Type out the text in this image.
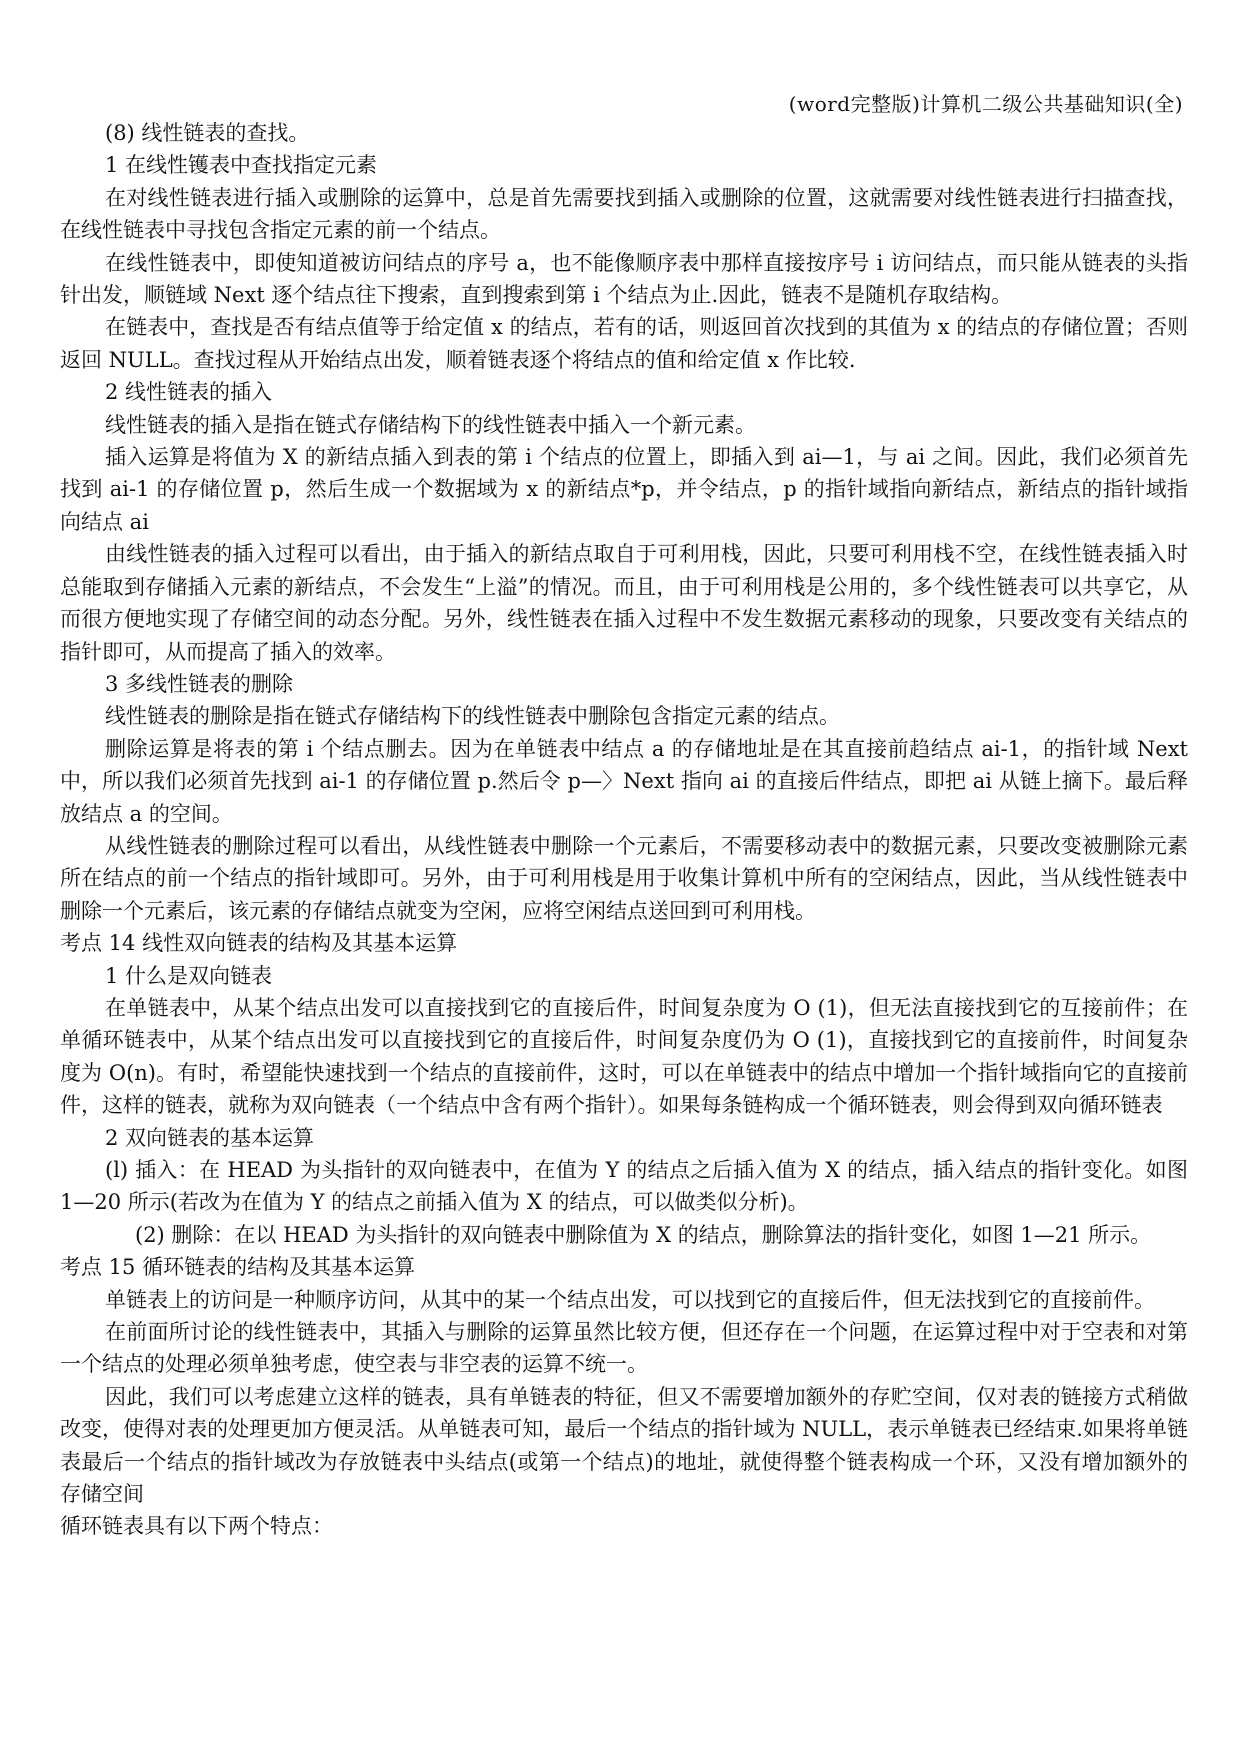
(word完整版)计算机二级公共基础知识(全)

(8) 线性链表的查找。

1 在线性镬表中查找指定元素

在对线性链表进行插入或删除的运算中，总是首先需要找到插入或删除的位置，这就需要对线性链表进行扫描查找，在线性链表中寻找包含指定元素的前一个结点。

在线性链表中，即使知道被访问结点的序号 a，也不能像顺序表中那样直接按序号 i 访问结点，而只能从链表的头指针出发，顺链域 Next 逐个结点往下搜索，直到搜索到第 i 个结点为止.因此，链表不是随机存取结构。

在链表中，查找是否有结点值等于给定值 x 的结点，若有的话，则返回首次找到的其值为 x 的结点的存储位置；否则返回 NULL。查找过程从开始结点出发，顺着链表逐个将结点的值和给定值 x 作比较.

2 线性链表的插入

线性链表的插入是指在链式存储结构下的线性链表中插入一个新元素。

插入运算是将值为 X 的新结点插入到表的第 i 个结点的位置上，即插入到 ai—1，与 ai 之间。因此，我们必须首先找到 ai-1 的存储位置 p，然后生成一个数据域为 x 的新结点*p，并令结点，p 的指针域指向新结点，新结点的指针域指向结点 ai

由线性链表的插入过程可以看出，由于插入的新结点取自于可利用栈，因此，只要可利用栈不空，在线性链表插入时总能取到存储插入元素的新结点，不会发生“上溢”的情况。而且，由于可利用栈是公用的，多个线性链表可以共享它，从而很方便地实现了存储空间的动态分配。另外，线性链表在插入过程中不发生数据元素移动的现象，只要改变有关结点的指针即可，从而提高了插入的效率。

3 多线性链表的删除

线性链表的删除是指在链式存储结构下的线性链表中删除包含指定元素的结点。

删除运算是将表的第 i 个结点删去。因为在单链表中结点 a 的存储地址是在其直接前趋结点 ai-1，的指针域 Next 中，所以我们必须首先找到 ai-1 的存储位置 p.然后令 p—〉Next 指向 ai 的直接后件结点，即把 ai 从链上摘下。最后释放结点 a 的空间。

从线性链表的删除过程可以看出，从线性链表中删除一个元素后，不需要移动表中的数据元素，只要改变被删除元素所在结点的前一个结点的指针域即可。另外，由于可利用栈是用于收集计算机中所有的空闲结点，因此，当从线性链表中删除一个元素后，该元素的存储结点就变为空闲，应将空闲结点送回到可利用栈。

考点 14 线性双向链表的结构及其基本运算

1 什么是双向链表

在单链表中，从某个结点出发可以直接找到它的直接后件，时间复杂度为 O (1)，但无法直接找到它的互接前件；在单循环链表中，从某个结点出发可以直接找到它的直接后件，时间复杂度仍为 O (1)，直接找到它的直接前件，时间复杂度为 O(n)。有时，希望能快速找到一个结点的直接前件，这时，可以在单链表中的结点中增加一个指针域指向它的直接前件，这样的链表，就称为双向链表（一个结点中含有两个指针）。如果每条链构成一个循环链表，则会得到双向循环链表

2 双向链表的基本运算

(l) 插入：在 HEAD 为头指针的双向链表中，在值为 Y 的结点之后插入值为 X 的结点，插入结点的指针变化。如图 1—20 所示(若改为在值为 Y 的结点之前插入值为 X 的结点，可以做类似分析)。

(2) 删除：在以 HEAD 为头指针的双向链表中删除值为 X 的结点，删除算法的指针变化，如图 1—21 所示。

考点 15 循环链表的结构及其基本运算

单链表上的访问是一种顺序访问，从其中的某一个结点出发，可以找到它的直接后件，但无法找到它的直接前件。

在前面所讨论的线性链表中，其插入与删除的运算虽然比较方便，但还存在一个问题，在运算过程中对于空表和对第一个结点的处理必须单独考虑，使空表与非空表的运算不统一。

因此，我们可以考虑建立这样的链表，具有单链表的特征，但又不需要增加额外的存贮空间，仅对表的链接方式稍做改变，使得对表的处理更加方便灵活。从单链表可知，最后一个结点的指针域为 NULL，表示单链表已经结束.如果将单链表最后一个结点的指针域改为存放链表中头结点(或第一个结点)的地址，就使得整个链表构成一个环，又没有增加额外的存储空间

循环链表具有以下两个特点：
